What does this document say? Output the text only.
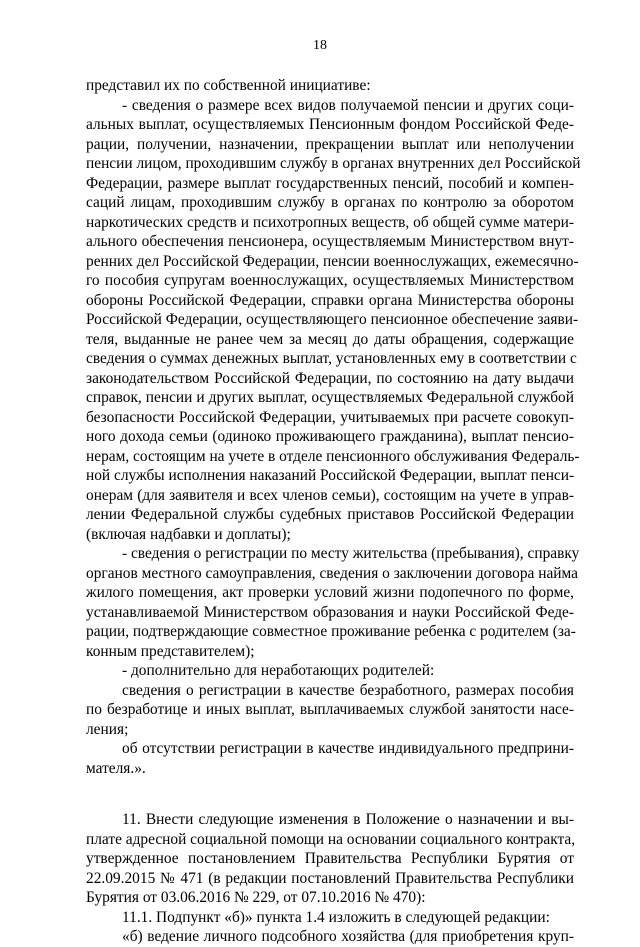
18
представил их по собственной инициативе:
- сведения о размере всех видов получаемой пенсии и других соци-
альных выплат, осуществляемых Пенсионным фондом Российской Феде-
рации, получении, назначении, прекращении выплат или неполучении
пенсии лицом, проходившим службу в органах внутренних дел Российской
Федерации, размере выплат государственных пенсий, пособий и компен-
саций лицам, проходившим службу в органах по контролю за оборотом
наркотических средств и психотропных веществ, об общей сумме матери-
ального обеспечения пенсионера, осуществляемым Министерством внут-
ренних дел Российской Федерации, пенсии военнослужащих, ежемесячно-
го пособия супругам военнослужащих, осуществляемых Министерством
обороны Российской Федерации, справки органа Министерства обороны
Российской Федерации, осуществляющего пенсионное обеспечение заяви-
теля, выданные не ранее чем за месяц до даты обращения, содержащие
сведения о суммах денежных выплат, установленных ему в соответствии с
законодательством Российской Федерации, по состоянию на дату выдачи
справок, пенсии и других выплат, осуществляемых Федеральной службой
безопасности Российской Федерации, учитываемых при расчете совокуп-
ного дохода семьи (одиноко проживающего гражданина), выплат пенсио-
нерам, состоящим на учете в отделе пенсионного обслуживания Федераль-
ной службы исполнения наказаний Российской Федерации, выплат пенси-
онерам (для заявителя и всех членов семьи), состоящим на учете в управ-
лении Федеральной службы судебных приставов Российской Федерации
(включая надбавки и доплаты);
- сведения о регистрации по месту жительства (пребывания), справку
органов местного самоуправления, сведения о заключении договора найма
жилого помещения, акт проверки условий жизни подопечного по форме,
устанавливаемой Министерством образования и науки Российской Феде-
рации, подтверждающие совместное проживание ребенка с родителем (за-
конным представителем);
- дополнительно для неработающих родителей:
сведения о регистрации в качестве безработного, размерах пособия
по безработице и иных выплат, выплачиваемых службой занятости насе-
ления;
об отсутствии регистрации в качестве индивидуального предприни-
мателя.».
11. Внести следующие изменения в Положение о назначении и вы-
плате адресной социальной помощи на основании социального контракта,
утвержденное постановлением Правительства Республики Бурятия от
22.09.2015 № 471 (в редакции постановлений Правительства Республики
Бурятия от 03.06.2016 № 229, от 07.10.2016 № 470):
11.1. Подпункт «б)» пункта 1.4 изложить в следующей редакции:
«б) ведение личного подсобного хозяйства (для приобретения круп-
